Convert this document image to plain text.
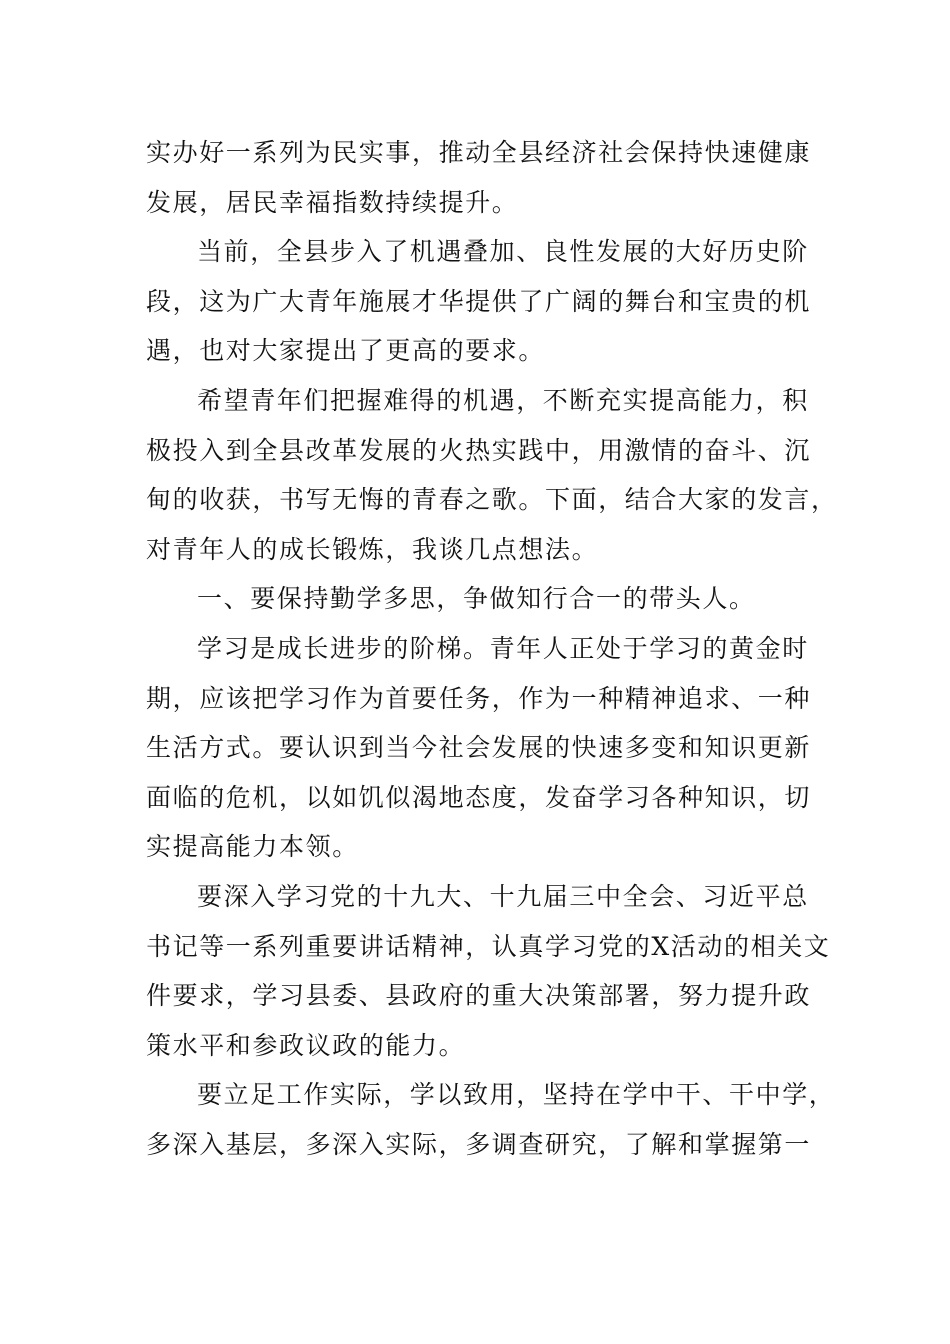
实办好一系列为民实事，推动全县经济社会保持快速健康
发展，居民幸福指数持续提升。
当前，全县步入了机遇叠加、良性发展的大好历史阶
段，这为广大青年施展才华提供了广阔的舞台和宝贵的机
遇，也对大家提出了更高的要求。
希望青年们把握难得的机遇，不断充实提高能力，积
极投入到全县改革发展的火热实践中，用激情的奋斗、沉
甸的收获，书写无悔的青春之歌。下面，结合大家的发言，
对青年人的成长锻炼，我谈几点想法。
一、要保持勤学多思，争做知行合一的带头人。
学习是成长进步的阶梯。青年人正处于学习的黄金时
期，应该把学习作为首要任务，作为一种精神追求、一种
生活方式。要认识到当今社会发展的快速多变和知识更新
面临的危机，以如饥似渴地态度，发奋学习各种知识，切
实提高能力本领。
要深入学习党的十九大、十九届三中全会、习近平总
书记等一系列重要讲话精神，认真学习党的X活动的相关文
件要求，学习县委、县政府的重大决策部署，努力提升政
策水平和参政议政的能力。
要立足工作实际，学以致用，坚持在学中干、干中学，
多深入基层，多深入实际，多调查研究，了解和掌握第一
